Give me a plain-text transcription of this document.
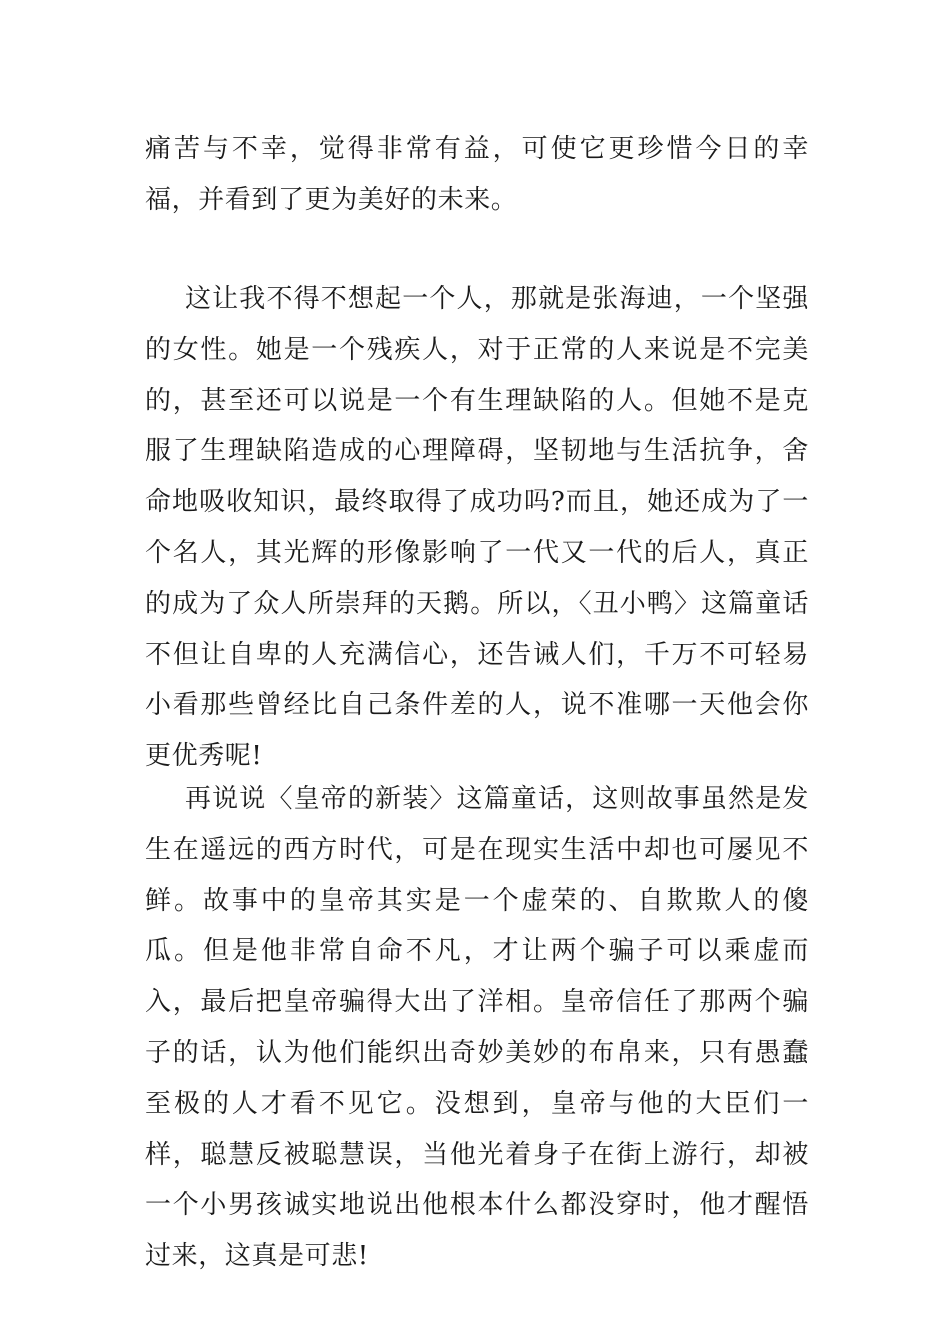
痛苦与不幸，觉得非常有益，可使它更珍惜今日的幸福，并看到了更为美好的未来。

这让我不得不想起一个人，那就是张海迪，一个坚强的女性。她是一个残疾人，对于正常的人来说是不完美的，甚至还可以说是一个有生理缺陷的人。但她不是克服了生理缺陷造成的心理障碍，坚韧地与生活抗争，舍命地吸收知识，最终取得了成功吗?而且，她还成为了一个名人，其光辉的形像影响了一代又一代的后人，真正的成为了众人所崇拜的天鹅。所以，〈丑小鸭〉这篇童话不但让自卑的人充满信心，还告诫人们，千万不可轻易小看那些曾经比自己条件差的人，说不准哪一天他会你更优秀呢!

再说说〈皇帝的新装〉这篇童话，这则故事虽然是发生在遥远的西方时代，可是在现实生活中却也可屡见不鲜。故事中的皇帝其实是一个虚荣的、自欺欺人的傻瓜。但是他非常自命不凡，才让两个骗子可以乘虚而入，最后把皇帝骗得大出了洋相。皇帝信任了那两个骗子的话，认为他们能织出奇妙美妙的布帛来，只有愚蠢至极的人才看不见它。没想到，皇帝与他的大臣们一样，聪慧反被聪慧误，当他光着身子在街上游行，却被一个小男孩诚实地说出他根本什么都没穿时，他才醒悟过来，这真是可悲!
